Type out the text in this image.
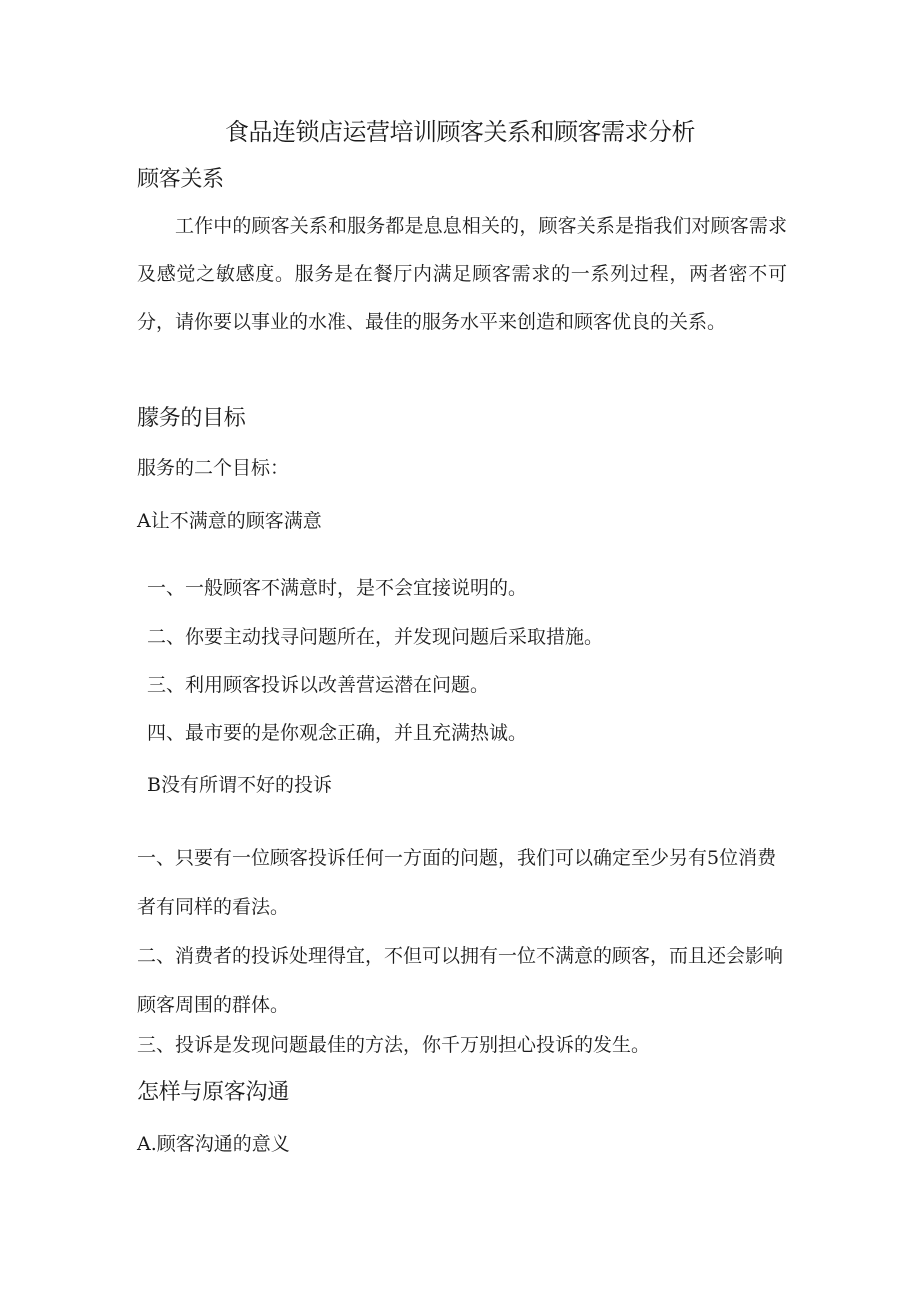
食品连锁店运营培训顾客关系和顾客需求分析
顾客关系

工作中的顾客关系和服务都是息息相关的，顾客关系是指我们对顾客需求及感觉之敏感度。服务是在餐厅内满足顾客需求的一系列过程，两者密不可分，请你要以事业的水准、最佳的服务水平来创造和顾客优良的关系。

朦务的目标
服务的二个目标：
A让不满意的顾客满意
一、一般顾客不满意时，是不会宜接说明的。
二、你要主动找寻问题所在，并发现问题后采取措施。
三、利用顾客投诉以改善营运潜在问题。
四、最市要的是你观念正确，并且充满热诚。
B没有所谓不好的投诉

一、只要有一位顾客投诉任何一方面的问题，我们可以确定至少另有5位消费者有同样的看法。

二、消费者的投诉处理得宜，不但可以拥有一位不满意的顾客，而且还会影响顾客周围的群体。

三、投诉是发现问题最佳的方法，你千万别担心投诉的发生。
怎样与原客沟通
A.顾客沟通的意义
